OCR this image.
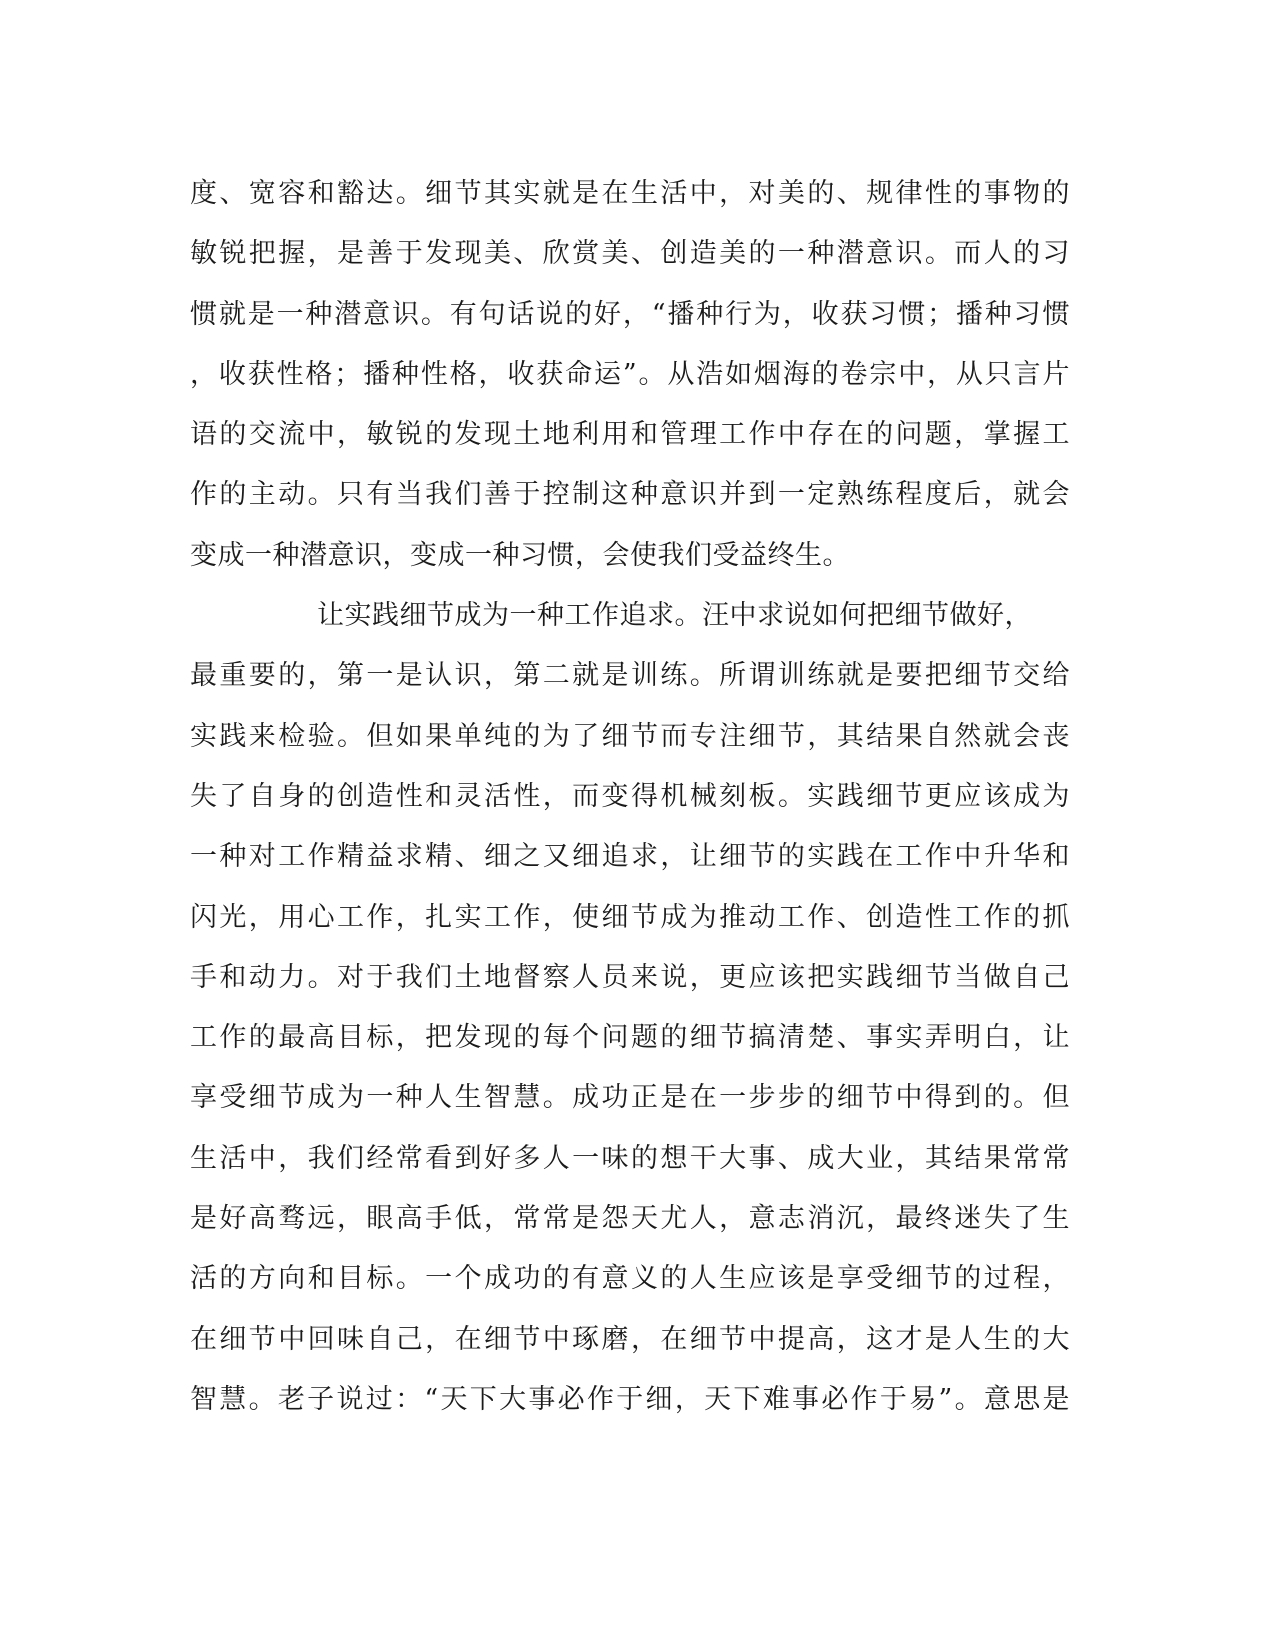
度、宽容和豁达。细节其实就是在生活中，对美的、规律性的事物的
敏锐把握，是善于发现美、欣赏美、创造美的一种潜意识。而人的习
惯就是一种潜意识。有句话说的好，“播种行为，收获习惯；播种习惯
，收获性格；播种性格，收获命运”。从浩如烟海的卷宗中，从只言片
语的交流中，敏锐的发现土地利用和管理工作中存在的问题，掌握工
作的主动。只有当我们善于控制这种意识并到一定熟练程度后，就会
变成一种潜意识，变成一种习惯，会使我们受益终生。
让实践细节成为一种工作追求。汪中求说如何把细节做好，
最重要的，第一是认识，第二就是训练。所谓训练就是要把细节交给
实践来检验。但如果单纯的为了细节而专注细节，其结果自然就会丧
失了自身的创造性和灵活性，而变得机械刻板。实践细节更应该成为
一种对工作精益求精、细之又细追求，让细节的实践在工作中升华和
闪光，用心工作，扎实工作，使细节成为推动工作、创造性工作的抓
手和动力。对于我们土地督察人员来说，更应该把实践细节当做自己
工作的最高目标，把发现的每个问题的细节搞清楚、事实弄明白，让
享受细节成为一种人生智慧。成功正是在一步步的细节中得到的。但
生活中，我们经常看到好多人一味的想干大事、成大业，其结果常常
是好高骛远，眼高手低，常常是怨天尤人，意志消沉，最终迷失了生
活的方向和目标。一个成功的有意义的人生应该是享受细节的过程，
在细节中回味自己，在细节中琢磨，在细节中提高，这才是人生的大
智慧。老子说过：“天下大事必作于细，天下难事必作于易”。意思是
